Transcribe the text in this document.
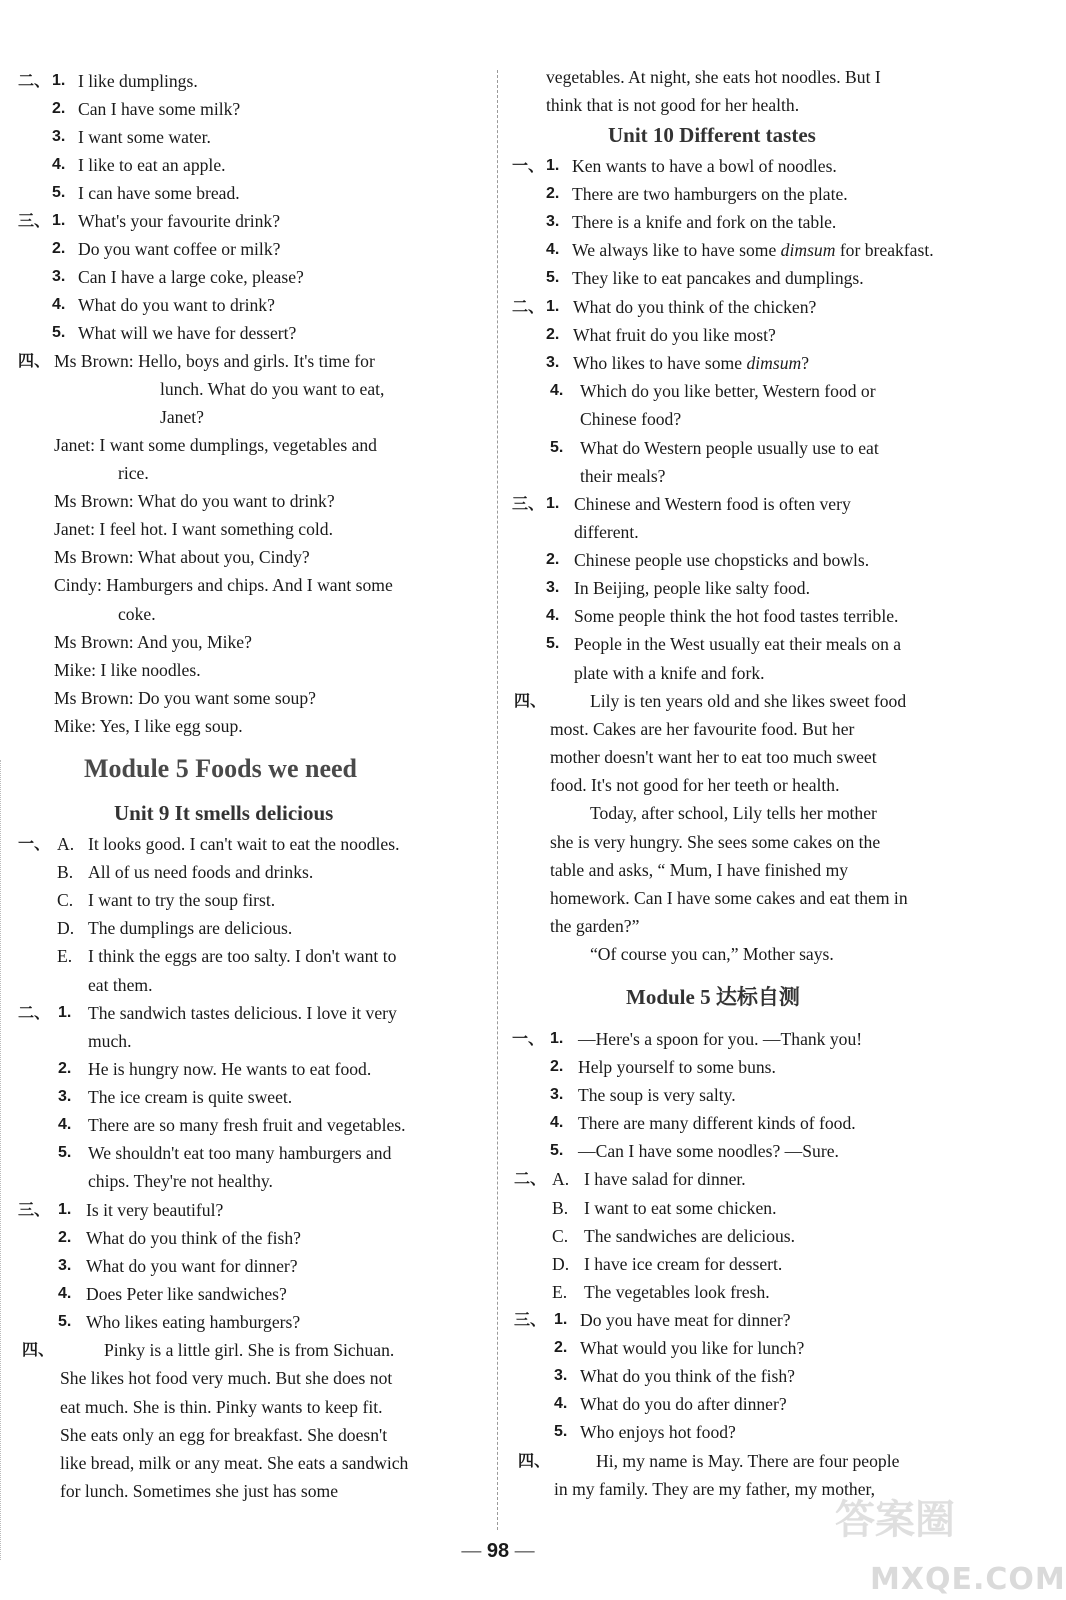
二、 1. I like dumplings.
2. Can I have some milk?
3. I want some water.
4. I like to eat an apple.
5. I can have some bread.
三、 1. What's your favourite drink?
2. Do you want coffee or milk?
3. Can I have a large coke, please?
4. What do you want to drink?
5. What will we have for dessert?
四、 Ms Brown: Hello, boys and girls. It's time for
lunch. What do you want to eat,
Janet?
Janet: I want some dumplings, vegetables and
rice.
Ms Brown: What do you want to drink?
Janet: I feel hot. I want something cold.
Ms Brown: What about you, Cindy?
Cindy: Hamburgers and chips. And I want some
coke.
Ms Brown: And you, Mike?
Mike: I like noodles.
Ms Brown: Do you want some soup?
Mike: Yes, I like egg soup.
Module 5 Foods we need
Unit 9 It smells delicious
一、 A. It looks good. I can't wait to eat the noodles.
B. All of us need foods and drinks.
C. I want to try the soup first.
D. The dumplings are delicious.
E. I think the eggs are too salty. I don't want to
eat them.
二、 1. The sandwich tastes delicious. I love it very
much.
2. He is hungry now. He wants to eat food.
3. The ice cream is quite sweet.
4. There are so many fresh fruit and vegetables.
5. We shouldn't eat too many hamburgers and
chips. They're not healthy.
三、 1. Is it very beautiful?
2. What do you think of the fish?
3. What do you want for dinner?
4. Does Peter like sandwiches?
5. Who likes eating hamburgers?
四、	Pinky is a little girl. She is from Sichuan.
She likes hot food very much. But she does not
eat much. She is thin. Pinky wants to keep fit.
She eats only an egg for breakfast. She doesn't
like bread, milk or any meat. She eats a sandwich
for lunch. Sometimes she just has some
vegetables. At night, she eats hot noodles. But I
think that is not good for her health.
Unit 10 Different tastes
一、 1. Ken wants to have a bowl of noodles.
2. There are two hamburgers on the plate.
3. There is a knife and fork on the table.
4. We always like to have some dimsum for breakfast.
5. They like to eat pancakes and dumplings.
二、 1. What do you think of the chicken?
2. What fruit do you like most?
3. Who likes to have some dimsum?
4. Which do you like better, Western food or
Chinese food?
5. What do Western people usually use to eat
their meals?
三、 1. Chinese and Western food is often very
different.
2. Chinese people use chopsticks and bowls.
3. In Beijing, people like salty food.
4. Some people think the hot food tastes terrible.
5. People in the West usually eat their meals on a
plate with a knife and fork.
四、 Lily is ten years old and she likes sweet food
most. Cakes are her favourite food. But her
mother doesn't want her to eat too much sweet
food. It's not good for her teeth or health.
Today, after school, Lily tells her mother
she is very hungry. She sees some cakes on the
table and asks, “ Mum, I have finished my
homework. Can I have some cakes and eat them in
the garden?”
“Of course you can,” Mother says.
Module 5 达标自测
一、 1. —Here's a spoon for you. —Thank you!
2. Help yourself to some buns.
3. The soup is very salty.
4. There are many different kinds of food.
5. —Can I have some noodles? —Sure.
二、 A. I have salad for dinner.
B. I want to eat some chicken.
C. The sandwiches are delicious.
D. I have ice cream for dessert.
E. The vegetables look fresh.
三、 1. Do you have meat for dinner?
2. What would you like for lunch?
3. What do you think of the fish?
4. What do you do after dinner?
5. Who enjoys hot food?
四、	Hi, my name is May. There are four people
in my family. They are my father, my mother,
答案圈
MXQE.COM
— 98 —
